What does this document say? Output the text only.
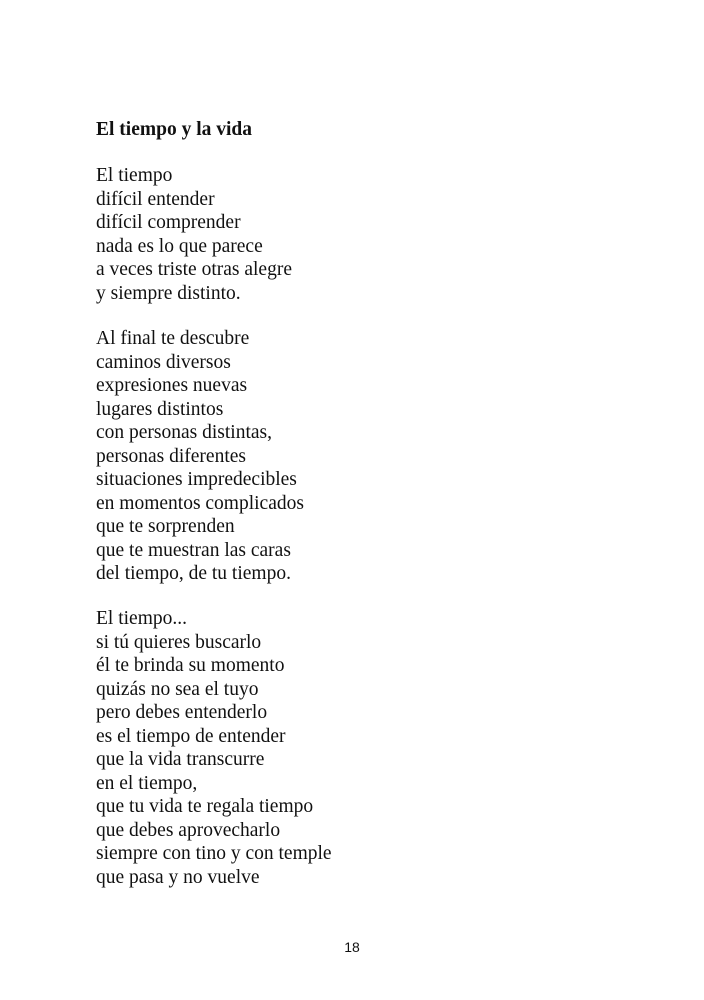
El tiempo y la vida
El tiempo
difícil entender
difícil comprender
nada es lo que parece
a veces triste otras alegre
y siempre distinto.
Al final te descubre
caminos diversos
expresiones nuevas
lugares distintos
con personas distintas,
personas diferentes
situaciones impredecibles
en momentos complicados
que te sorprenden
que te muestran las caras
del tiempo, de tu tiempo.
El tiempo...
si tú quieres buscarlo
él te brinda su momento
quizás no sea el tuyo
pero debes entenderlo
es el tiempo de entender
que la vida transcurre
en el tiempo,
que tu vida te regala tiempo
que debes aprovecharlo
siempre con tino y con temple
que pasa y no vuelve
18
